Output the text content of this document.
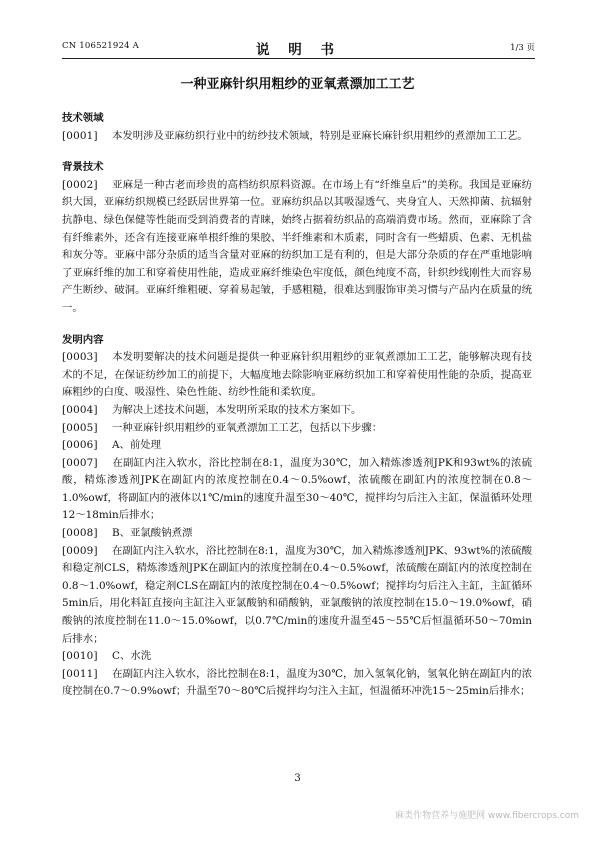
CN 106521924 A	说 明 书	1/3 页
一种亚麻针织用粗纱的亚氧煮漂加工工艺

技术领域

[0001] 本发明涉及亚麻纺织行业中的纺纱技术领域，特别是亚麻长麻针织用粗纱的煮漂加工工艺。

背景技术

[0002] 亚麻是一种古老而珍贵的高档纺织原料资源。在市场上有“纤维皇后”的美称。我国是亚麻纺织大国，亚麻纺织规模已经跃居世界第一位。亚麻纺织品以其吸湿透气、夹身宜人、天然抑菌、抗辐射抗静电、绿色保健等性能而受到消费者的青睐，始终占据着纺织品的高端消费市场。然而，亚麻除了含有纤维素外，还含有连接亚麻单根纤维的果胶、半纤维素和木质素，同时含有一些蜡质、色素、无机盐和灰分等。亚麻中部分杂质的适当含量对亚麻的纺织加工是有利的，但是大部分杂质的存在严重地影响了亚麻纤维的加工和穿着使用性能，造成亚麻纤维染色牢度低，颜色纯度不高，针织纱线刚性大而容易产生断纱、破洞。亚麻纤维粗硬、穿着易起皱，手感粗糙，很难达到服饰审美习惯与产品内在质量的统一。

发明内容

[0003] 本发明要解决的技术问题是提供一种亚麻针织用粗纱的亚氧煮漂加工工艺，能够解决现有技术的不足，在保证纺纱加工的前提下，大幅度地去除影响亚麻纺织加工和穿着使用性能的杂质，提高亚麻粗纱的白度、吸湿性、染色性能、纺纱性能和柔软度。

[0004] 为解决上述技术问题，本发明所采取的技术方案如下。

[0005] 一种亚麻针织用粗纱的亚氧煮漂加工工艺，包括以下步骤：

[0006] A、前处理

[0007] 在副缸内注入软水，浴比控制在8:1，温度为30℃，加入精炼渗透剂JPK和93wt%的浓硫酸，精炼渗透剂JPK在副缸内的浓度控制在0.4～0.5%owf，浓硫酸在副缸内的浓度控制在0.8～1.0%owf，将副缸内的液体以1℃/min的速度升温至30～40℃，搅拌均匀后注入主缸，保温循环处理12～18min后排水；

[0008] B、亚氯酸钠煮漂

[0009] 在副缸内注入软水，浴比控制在8:1，温度为30℃，加入精炼渗透剂JPK、93wt%的浓硫酸和稳定剂CLS，精炼渗透剂JPK在副缸内的浓度控制在0.4～0.5%owf，浓硫酸在副缸内的浓度控制在0.8～1.0%owf，稳定剂CLS在副缸内的浓度控制在0.4～0.5%owf；搅拌均匀后注入主缸，主缸循环5min后，用化料缸直接向主缸注入亚氯酸钠和硝酸钠，亚氯酸钠的浓度控制在15.0～19.0%owf，硝酸钠的浓度控制在11.0～15.0%owf，以0.7℃/min的速度升温至45～55℃后恒温循环50～70min后排水；

[0010] C、水洗

[0011] 在副缸内注入软水，浴比控制在8:1，温度为30℃，加入氢氧化钠，氢氧化钠在副缸内的浓度控制在0.7～0.9%owf；升温至70～80℃后搅拌均匀注入主缸，恒温循环冲洗15～25min后排水；

3
麻类作物营养与施肥网 www.fibercrops.com
